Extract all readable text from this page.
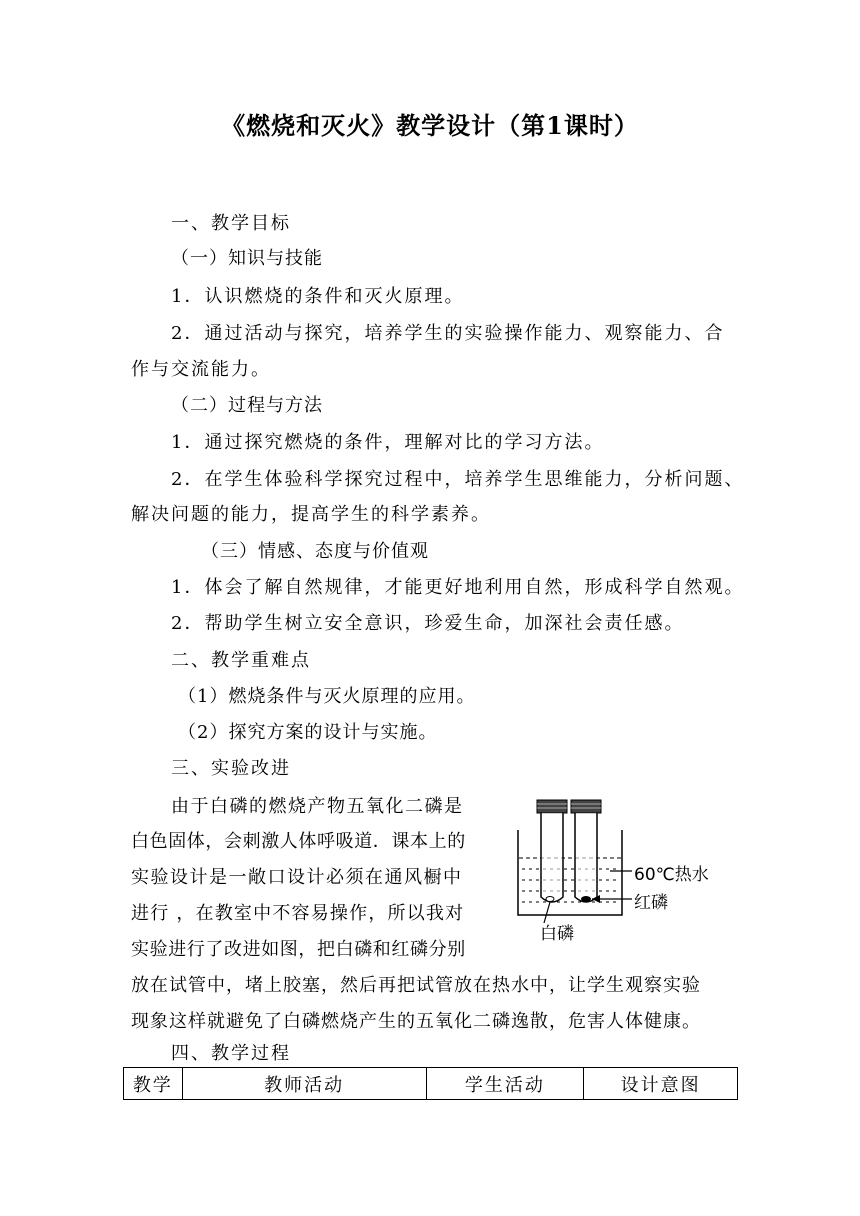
《燃烧和灭火》教学设计（第1课时）
一、教学目标
（一）知识与技能
1．认识燃烧的条件和灭火原理。
2．通过活动与探究，培养学生的实验操作能力、观察能力、合
作与交流能力。
（二）过程与方法
1．通过探究燃烧的条件，理解对比的学习方法。
2．在学生体验科学探究过程中，培养学生思维能力，分析问题、
解决问题的能力，提高学生的科学素养。
（三）情感、态度与价值观
1．体会了解自然规律，才能更好地利用自然，形成科学自然观。
2．帮助学生树立安全意识，珍爱生命，加深社会责任感。
二、教学重难点
（1）燃烧条件与灭火原理的应用。
（2）探究方案的设计与实施。
三、实验改进
由于白磷的燃烧产物五氧化二磷是
白色固体，会刺激人体呼吸道．课本上的
实验设计是一敞口设计必须在通风橱中
进行 ，在教室中不容易操作，所以我对
实验进行了改进如图，把白磷和红磷分别
放在试管中，堵上胶塞，然后再把试管放在热水中，让学生观察实验
现象这样就避免了白磷燃烧产生的五氧化二磷逸散，危害人体健康。
60℃热水
红磷
白磷
四、教学过程
教学	教师活动	学生活动	设计意图
